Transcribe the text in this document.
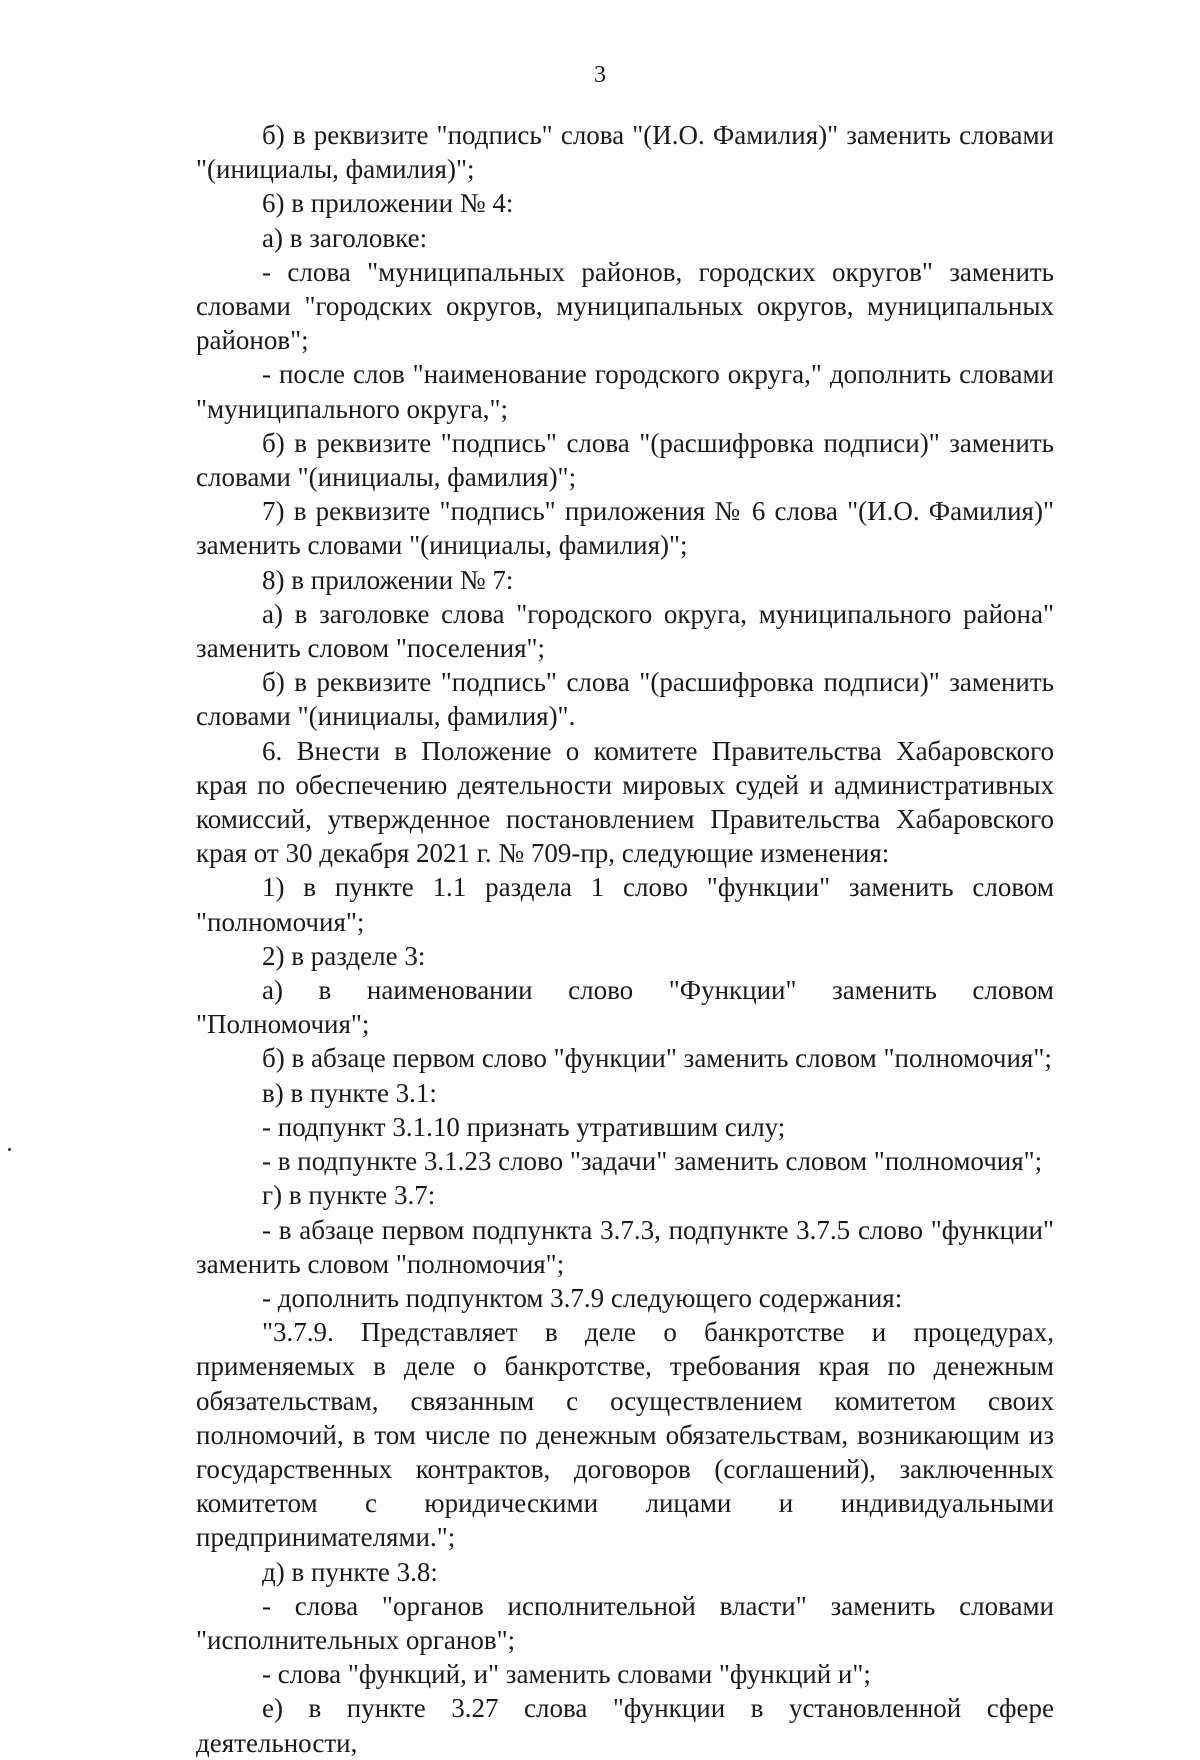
3

б) в реквизите "подпись" слова "(И.О. Фамилия)" заменить словами "(инициалы, фамилия)";

6) в приложении № 4:

а) в заголовке:

- слова "муниципальных районов, городских округов" заменить словами "городских округов, муниципальных округов, муниципальных районов";

- после слов "наименование городского округа," дополнить словами "муниципального округа,";

б) в реквизите "подпись" слова "(расшифровка подписи)" заменить словами "(инициалы, фамилия)";

7) в реквизите "подпись" приложения № 6 слова "(И.О. Фамилия)" заменить словами "(инициалы, фамилия)";

8) в приложении № 7:

а) в заголовке слова "городского округа, муниципального района" заменить словом "поселения";

б) в реквизите "подпись" слова "(расшифровка подписи)" заменить словами "(инициалы, фамилия)".

6. Внести в Положение о комитете Правительства Хабаровского края по обеспечению деятельности мировых судей и административных комиссий, утвержденное постановлением Правительства Хабаровского края от 30 декабря 2021 г. № 709-пр, следующие изменения:

1) в пункте 1.1 раздела 1 слово "функции" заменить словом "полномочия";

2) в разделе 3:

а) в наименовании слово "Функции" заменить словом "Полномочия";

б) в абзаце первом слово "функции" заменить словом "полномочия";

в) в пункте 3.1:

- подпункт 3.1.10 признать утратившим силу;

- в подпункте 3.1.23 слово "задачи" заменить словом "полномочия";

г) в пункте 3.7:

- в абзаце первом подпункта 3.7.3, подпункте 3.7.5 слово "функции" заменить словом "полномочия";

- дополнить подпунктом 3.7.9 следующего содержания:

"3.7.9. Представляет в деле о банкротстве и процедурах, применяемых в деле о банкротстве, требования края по денежным обязательствам, связанным с осуществлением комитетом своих полномочий, в том числе по денежным обязательствам, возникающим из государственных контрактов, договоров (соглашений), заключенных комитетом с юридическими лицами и индивидуальными предпринимателями.";

д) в пункте 3.8:

- слова "органов исполнительной власти" заменить словами "исполнительных органов";

- слова "функций, и" заменить словами "функций и";

е) в пункте 3.27 слова "функции в установленной сфере деятельности,
